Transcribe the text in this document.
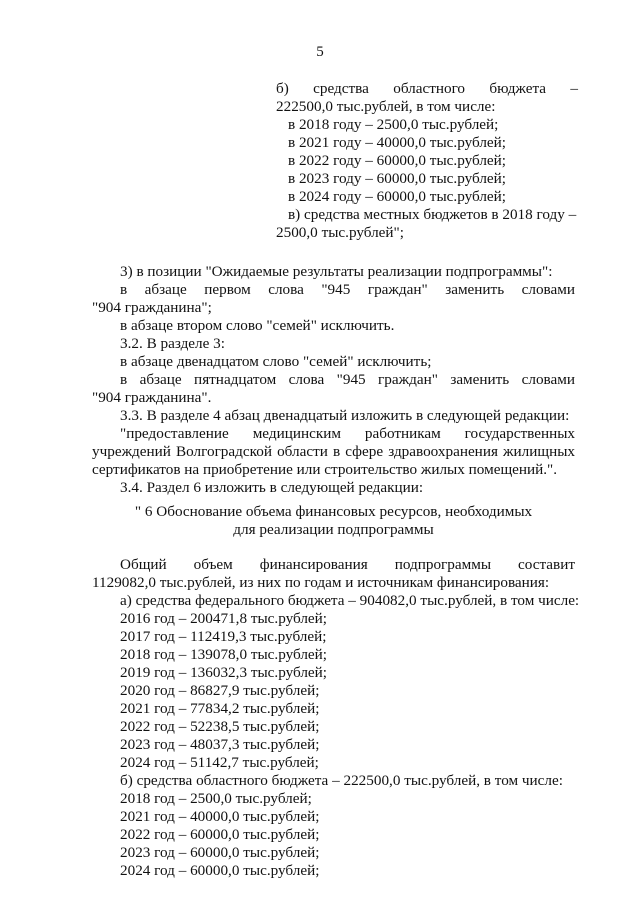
5
б)      средства      областного      бюджета      –
222500,0 тыс.рублей, в том числе:
в 2018 году – 2500,0 тыс.рублей;
в 2021 году – 40000,0 тыс.рублей;
в 2022 году – 60000,0 тыс.рублей;
в 2023 году – 60000,0 тыс.рублей;
в 2024 году – 60000,0 тыс.рублей;
в) средства местных бюджетов в 2018 году –
2500,0 тыс.рублей";
3) в позиции "Ожидаемые результаты реализации подпрограммы":
в абзаце первом слова "945 граждан" заменить словами
"904 гражданина";
в абзаце втором слово "семей" исключить.
3.2. В разделе 3:
в абзаце двенадцатом слово "семей" исключить;
в абзаце пятнадцатом слова "945 граждан" заменить словами
"904 гражданина".
3.3. В разделе 4 абзац двенадцатый изложить в следующей редакции:
"предоставление медицинским работникам государственных
учреждений Волгоградской области в сфере здравоохранения жилищных
сертификатов на приобретение или строительство жилых помещений.".
3.4. Раздел 6 изложить в следующей редакции:
" 6 Обоснование объема финансовых ресурсов, необходимых
для реализации подпрограммы
Общий объем финансирования подпрограммы составит
1129082,0 тыс.рублей, из них по годам и источникам финансирования:
а) средства федерального бюджета – 904082,0 тыс.рублей, в том числе:
2016 год – 200471,8 тыс.рублей;
2017 год – 112419,3 тыс.рублей;
2018 год – 139078,0 тыс.рублей;
2019 год – 136032,3 тыс.рублей;
2020 год – 86827,9 тыс.рублей;
2021 год – 77834,2 тыс.рублей;
2022 год – 52238,5 тыс.рублей;
2023 год – 48037,3 тыс.рублей;
2024 год – 51142,7 тыс.рублей;
б) средства областного бюджета – 222500,0 тыс.рублей, в том числе:
2018 год – 2500,0 тыс.рублей;
2021 год – 40000,0 тыс.рублей;
2022 год – 60000,0 тыс.рублей;
2023 год – 60000,0 тыс.рублей;
2024 год – 60000,0 тыс.рублей;
